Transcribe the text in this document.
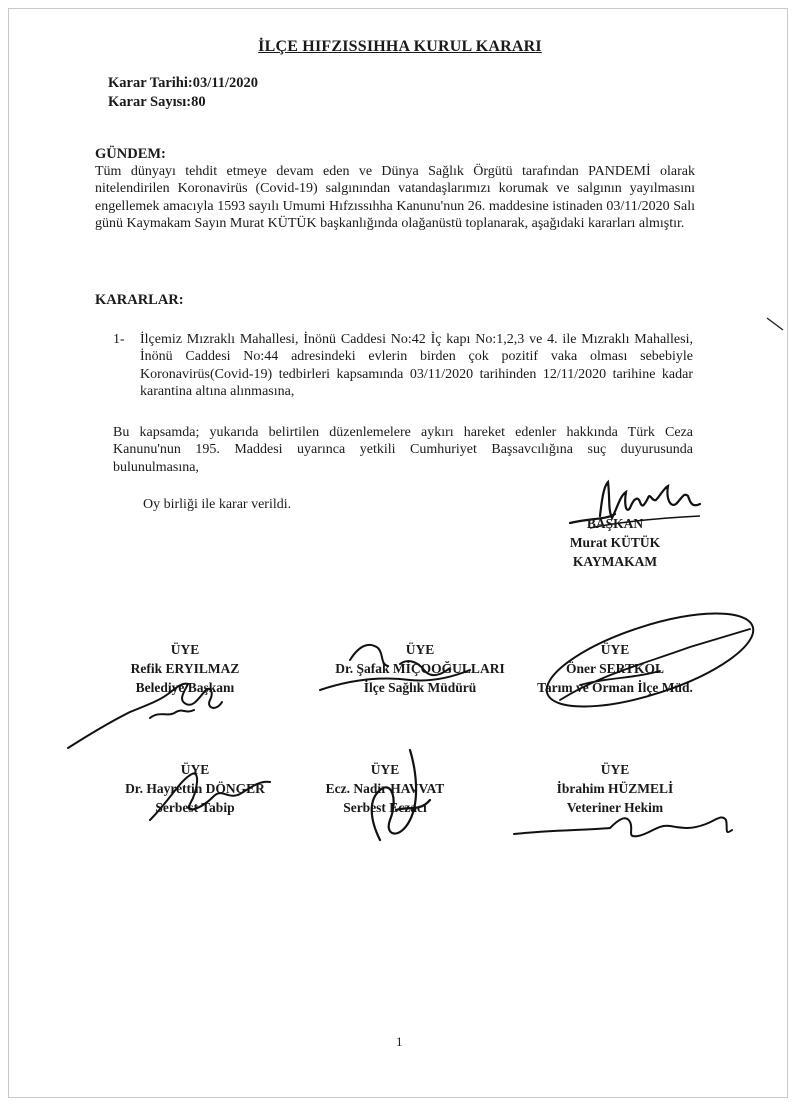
İLÇE HIFZISSIHHA KURUL KARARI
Karar Tarihi:03/11/2020
Karar Sayısı:80
GÜNDEM:
Tüm dünyayı tehdit etmeye devam eden ve Dünya Sağlık Örgütü tarafından PANDEMİ olarak nitelendirilen Koronavirüs (Covid-19) salgınından vatandaşlarımızı korumak ve salgının yayılmasını engellemek amacıyla 1593 sayılı Umumi Hıfzıssıhha Kanunu'nun 26. maddesine istinaden 03/11/2020 Salı günü Kaymakam Sayın Murat KÜTÜK başkanlığında olağanüstü toplanarak, aşağıdaki kararları almıştır.
KARARLAR:
1-	İlçemiz Mızraklı Mahallesi, İnönü Caddesi No:42 İç kapı No:1,2,3 ve 4. ile Mızraklı Mahallesi, İnönü Caddesi No:44 adresindeki evlerin birden çok pozitif vaka olması sebebiyle Koronavirüs(Covid-19) tedbirleri kapsamında 03/11/2020 tarihinden 12/11/2020 tarihine kadar karantina altına alınmasına,
Bu kapsamda; yukarıda belirtilen düzenlemelere aykırı hareket edenler hakkında Türk Ceza Kanunu'nun 195. Maddesi uyarınca yetkili Cumhuriyet Başsavcılığına suç duyurusunda bulunulmasına,
Oy birliği ile karar verildi.
BAŞKAN
Murat KÜTÜK
KAYMAKAM
ÜYE
Refik ERYILMAZ
Belediye Başkanı
ÜYE
Dr. Şafak MİÇOOĞULLARI
İlçe Sağlık Müdürü
ÜYE
Öner SERTKOL
Tarım ve Orman İlçe Müd.
ÜYE
Dr. Hayrettin DÖNGER
Serbest Tabip
ÜYE
Ecz. Nadir HAVVAT
Serbest Eczacı
ÜYE
İbrahim HÜZMELİ
Veteriner Hekim
1
